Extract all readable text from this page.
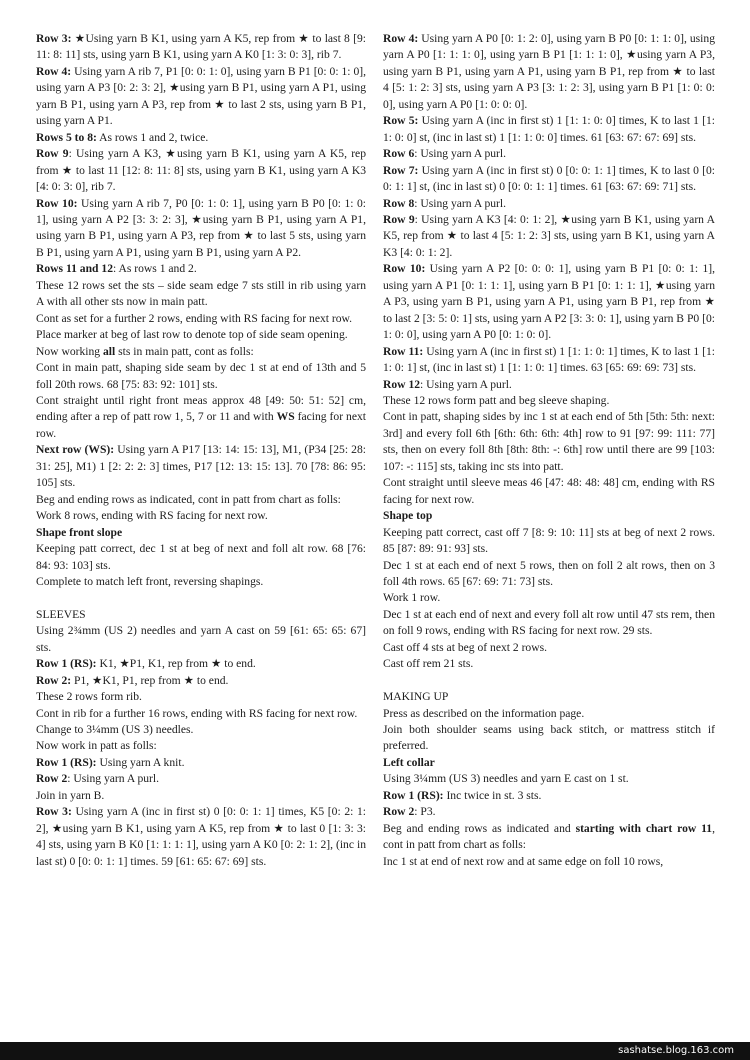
Row 3: ★Using yarn B K1, using yarn A K5, rep from ★ to last 8 [9: 11: 8: 11] sts, using yarn B K1, using yarn A K0 [1: 3: 0: 3], rib 7.

Row 4: Using yarn A rib 7, P1 [0: 0: 1: 0], using yarn B P1 [0: 0: 1: 0], using yarn A P3 [0: 2: 3: 2], ★using yarn B P1, using yarn A P1, using yarn B P1, using yarn A P3, rep from ★ to last 2 sts, using yarn B P1, using yarn A P1.

Rows 5 to 8: As rows 1 and 2, twice.

Row 9: Using yarn A K3, ★using yarn B K1, using yarn A K5, rep from ★ to last 11 [12: 8: 11: 8] sts, using yarn B K1, using yarn A K3 [4: 0: 3: 0], rib 7.

Row 10: Using yarn A rib 7, P0 [0: 1: 0: 1], using yarn B P0 [0: 1: 0: 1], using yarn A P2 [3: 3: 2: 3], ★using yarn B P1, using yarn A P1, using yarn B P1, using yarn A P3, rep from ★ to last 5 sts, using yarn B P1, using yarn A P1, using yarn B P1, using yarn A P2.

Rows 11 and 12: As rows 1 and 2.

These 12 rows set the sts – side seam edge 7 sts still in rib using yarn A with all other sts now in main patt.

Cont as set for a further 2 rows, ending with RS facing for next row.

Place marker at beg of last row to denote top of side seam opening.

Now working all sts in main patt, cont as folls:

Cont in main patt, shaping side seam by dec 1 st at end of 13th and 5 foll 20th rows. 68 [75: 83: 92: 101] sts.

Cont straight until right front meas approx 48 [49: 50: 51: 52] cm, ending after a rep of patt row 1, 5, 7 or 11 and with WS facing for next row.

Next row (WS): Using yarn A P17 [13: 14: 15: 13], M1, (P34 [25: 28: 31: 25], M1) 1 [2: 2: 2: 3] times, P17 [12: 13: 15: 13]. 70 [78: 86: 95: 105] sts.

Beg and ending rows as indicated, cont in patt from chart as folls:

Work 8 rows, ending with RS facing for next row.

Shape front slope

Keeping patt correct, dec 1 st at beg of next and foll alt row. 68 [76: 84: 93: 103] sts.

Complete to match left front, reversing shapings.

SLEEVES

Using 2¾mm (US 2) needles and yarn A cast on 59 [61: 65: 65: 67] sts.

Row 1 (RS): K1, ★P1, K1, rep from ★ to end.

Row 2: P1, ★K1, P1, rep from ★ to end.

These 2 rows form rib.

Cont in rib for a further 16 rows, ending with RS facing for next row.

Change to 3¼mm (US 3) needles.

Now work in patt as folls:

Row 1 (RS): Using yarn A knit.

Row 2: Using yarn A purl.

Join in yarn B.

Row 3: Using yarn A (inc in first st) 0 [0: 0: 1: 1] times, K5 [0: 2: 1: 2], ★using yarn B K1, using yarn A K5, rep from ★ to last 0 [1: 3: 3: 4] sts, using yarn B K0 [1: 1: 1: 1], using yarn A K0 [0: 2: 1: 2], (inc in last st) 0 [0: 0: 1: 1] times. 59 [61: 65: 67: 69] sts.

Row 4: Using yarn A P0 [0: 1: 2: 0], using yarn B P0 [0: 1: 1: 0], using yarn A P0 [1: 1: 1: 0], using yarn B P1 [1: 1: 1: 0], ★using yarn A P3, using yarn B P1, using yarn A P1, using yarn B P1, rep from ★ to last 4 [5: 1: 2: 3] sts, using yarn A P3 [3: 1: 2: 3], using yarn B P1 [1: 0: 0: 0], using yarn A P0 [1: 0: 0: 0].

Row 5: Using yarn A (inc in first st) 1 [1: 1: 0: 0] times, K to last 1 [1: 1: 0: 0] st, (inc in last st) 1 [1: 1: 0: 0] times. 61 [63: 67: 67: 69] sts.

Row 6: Using yarn A purl.

Row 7: Using yarn A (inc in first st) 0 [0: 0: 1: 1] times, K to last 0 [0: 0: 1: 1] st, (inc in last st) 0 [0: 0: 1: 1] times. 61 [63: 67: 69: 71] sts.

Row 8: Using yarn A purl.

Row 9: Using yarn A K3 [4: 0: 1: 2], ★using yarn B K1, using yarn A K5, rep from ★ to last 4 [5: 1: 2: 3] sts, using yarn B K1, using yarn A K3 [4: 0: 1: 2].

Row 10: Using yarn A P2 [0: 0: 0: 1], using yarn B P1 [0: 0: 1: 1], using yarn A P1 [0: 1: 1: 1], using yarn B P1 [0: 1: 1: 1], ★using yarn A P3, using yarn B P1, using yarn A P1, using yarn B P1, rep from ★ to last 2 [3: 5: 0: 1] sts, using yarn A P2 [3: 3: 0: 1], using yarn B P0 [0: 1: 0: 0], using yarn A P0 [0: 1: 0: 0].

Row 11: Using yarn A (inc in first st) 1 [1: 1: 0: 1] times, K to last 1 [1: 1: 0: 1] st, (inc in last st) 1 [1: 1: 0: 1] times. 63 [65: 69: 69: 73] sts.

Row 12: Using yarn A purl.

These 12 rows form patt and beg sleeve shaping.

Cont in patt, shaping sides by inc 1 st at each end of 5th [5th: 5th: next: 3rd] and every foll 6th [6th: 6th: 6th: 4th] row to 91 [97: 99: 111: 77] sts, then on every foll 8th [8th: 8th: -: 6th] row until there are 99 [103: 107: -: 115] sts, taking inc sts into patt.

Cont straight until sleeve meas 46 [47: 48: 48: 48] cm, ending with RS facing for next row.

Shape top

Keeping patt correct, cast off 7 [8: 9: 10: 11] sts at beg of next 2 rows. 85 [87: 89: 91: 93] sts.

Dec 1 st at each end of next 5 rows, then on foll 2 alt rows, then on 3 foll 4th rows. 65 [67: 69: 71: 73] sts.

Work 1 row.

Dec 1 st at each end of next and every foll alt row until 47 sts rem, then on foll 9 rows, ending with RS facing for next row. 29 sts.

Cast off 4 sts at beg of next 2 rows.

Cast off rem 21 sts.

MAKING UP

Press as described on the information page.

Join both shoulder seams using back stitch, or mattress stitch if preferred.

Left collar

Using 3¼mm (US 3) needles and yarn E cast on 1 st.

Row 1 (RS): Inc twice in st. 3 sts.

Row 2: P3.

Beg and ending rows as indicated and starting with chart row 11, cont in patt from chart as folls:

Inc 1 st at end of next row and at same edge on foll 10 rows,

sashatse.blog.163.com
